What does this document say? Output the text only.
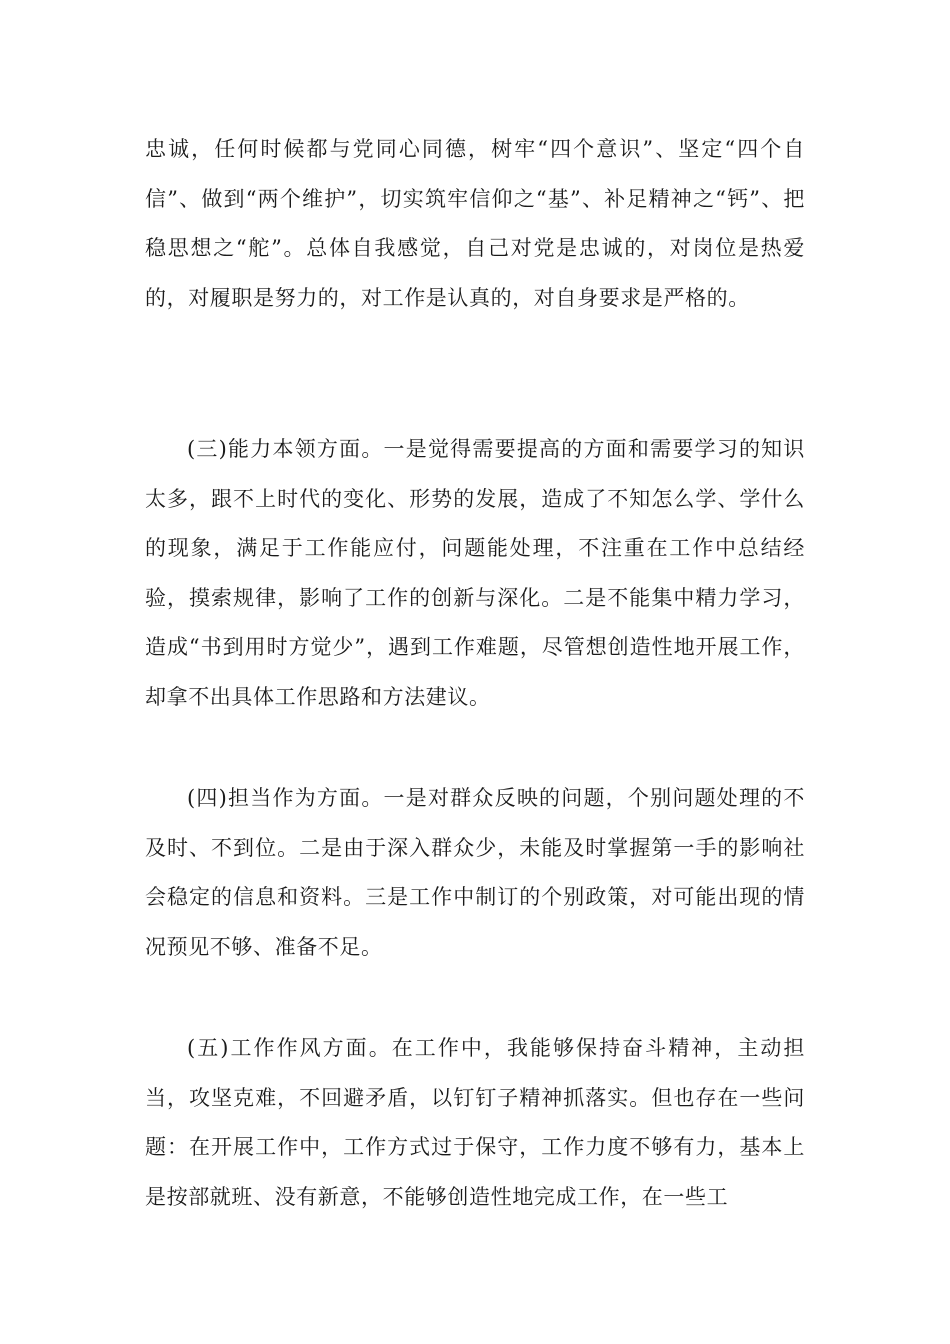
忠诚，任何时候都与党同心同德，树牢“四个意识”、坚定“四个自信”、做到“两个维护”，切实筑牢信仰之“基”、补足精神之“钙”、把稳思想之“舵”。总体自我感觉，自己对党是忠诚的，对岗位是热爱的，对履职是努力的，对工作是认真的，对自身要求是严格的。

(三)能力本领方面。一是觉得需要提高的方面和需要学习的知识太多，跟不上时代的变化、形势的发展，造成了不知怎么学、学什么的现象，满足于工作能应付，问题能处理，不注重在工作中总结经验，摸索规律，影响了工作的创新与深化。二是不能集中精力学习，造成“书到用时方觉少”，遇到工作难题，尽管想创造性地开展工作，却拿不出具体工作思路和方法建议。

(四)担当作为方面。一是对群众反映的问题，个别问题处理的不及时、不到位。二是由于深入群众少，未能及时掌握第一手的影响社会稳定的信息和资料。三是工作中制订的个别政策，对可能出现的情况预见不够、准备不足。

(五)工作作风方面。在工作中，我能够保持奋斗精神，主动担当，攻坚克难，不回避矛盾，以钉钉子精神抓落实。但也存在一些问题：在开展工作中，工作方式过于保守，工作力度不够有力，基本上是按部就班、没有新意，不能够创造性地完成工作，在一些工
